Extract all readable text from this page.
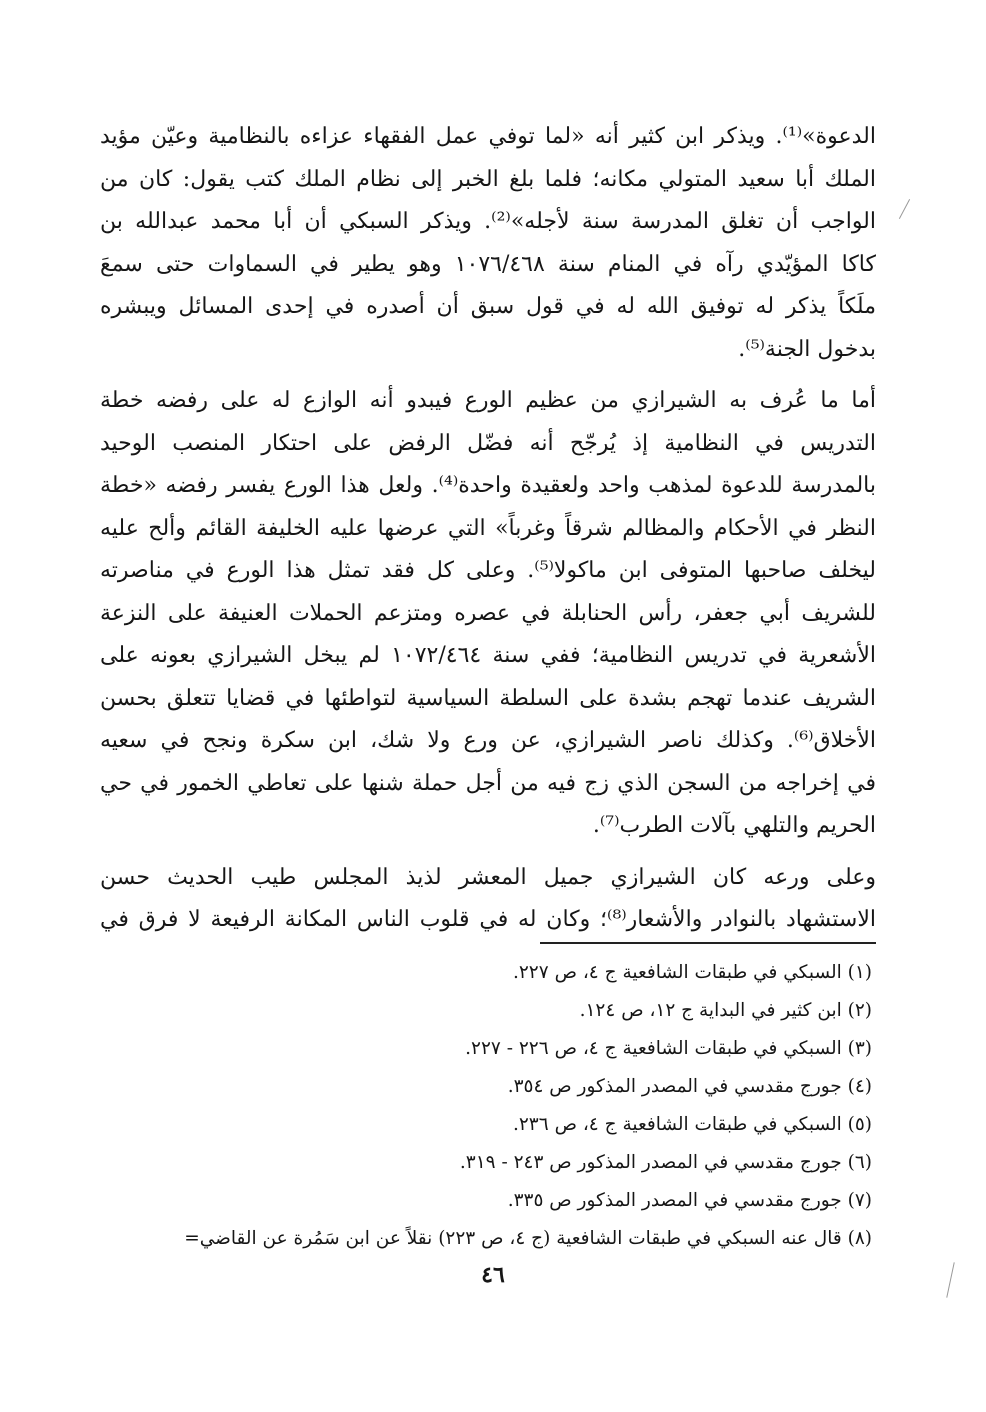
الدعوة»⁽¹⁾. ويذكر ابن كثير أنه «لما توفي عمل الفقهاء عزاءه بالنظامية وعيّن مؤيد
الملك أبا سعيد المتولي مكانه؛ فلما بلغ الخبر إلى نظام الملك كتب يقول: كان من
الواجب أن تغلق المدرسة سنة لأجله»⁽²⁾. ويذكر السبكي أن أبا محمد عبدالله بن
كاكا المؤيّدي رآه في المنام سنة ١٠٧٦/٤٦٨ وهو يطير في السماوات حتى سمعَ
ملَكاً يذكر له توفيق الله له في قول سبق أن أصدره في إحدى المسائل ويبشره
بدخول الجنة⁽⁵⁾.
أما ما عُرف به الشيرازي من عظيم الورع فيبدو أنه الوازع له على رفضه خطة
التدريس في النظامية إذ يُرجّح أنه فضّل الرفض على احتكار المنصب الوحيد
بالمدرسة للدعوة لمذهب واحد ولعقيدة واحدة⁽⁴⁾. ولعل هذا الورع يفسر رفضه «خطة
النظر في الأحكام والمظالم شرقاً وغرباً» التي عرضها عليه الخليفة القائم وألح عليه
ليخلف صاحبها المتوفى ابن ماكولا⁽⁵⁾. وعلى كل فقد تمثل هذا الورع في مناصرته
للشريف أبي جعفر، رأس الحنابلة في عصره ومتزعم الحملات العنيفة على النزعة
الأشعرية في تدريس النظامية؛ ففي سنة ١٠٧٢/٤٦٤ لم يبخل الشيرازي بعونه على
الشريف عندما تهجم بشدة على السلطة السياسية لتواطئها في قضايا تتعلق بحسن
الأخلاق⁽⁶⁾. وكذلك ناصر الشيرازي، عن ورع ولا شك، ابن سكرة ونجح في سعيه
في إخراجه من السجن الذي زج فيه من أجل حملة شنها على تعاطي الخمور في حي
الحريم والتلهي بآلات الطرب⁽⁷⁾.
وعلى ورعه كان الشيرازي جميل المعشر لذيذ المجلس طيب الحديث حسن
الاستشهاد بالنوادر والأشعار⁽⁸⁾؛ وكان له في قلوب الناس المكانة الرفيعة لا فرق في
(١) السبكي في طبقات الشافعية ج ٤، ص ٢٢٧.
(٢) ابن كثير في البداية ج ١٢، ص ١٢٤.
(٣) السبكي في طبقات الشافعية ج ٤، ص ٢٢٦ - ٢٢٧.
(٤) جورج مقدسي في المصدر المذكور ص ٣٥٤.
(٥) السبكي في طبقات الشافعية ج ٤، ص ٢٣٦.
(٦) جورج مقدسي في المصدر المذكور ص ٢٤٣ - ٣١٩.
(٧) جورج مقدسي في المصدر المذكور ص ٣٣٥.
(٨) قال عنه السبكي في طبقات الشافعية (ج ٤، ص ٢٢٣) نقلاً عن ابن سَمُرة عن القاضي=
٤٦
